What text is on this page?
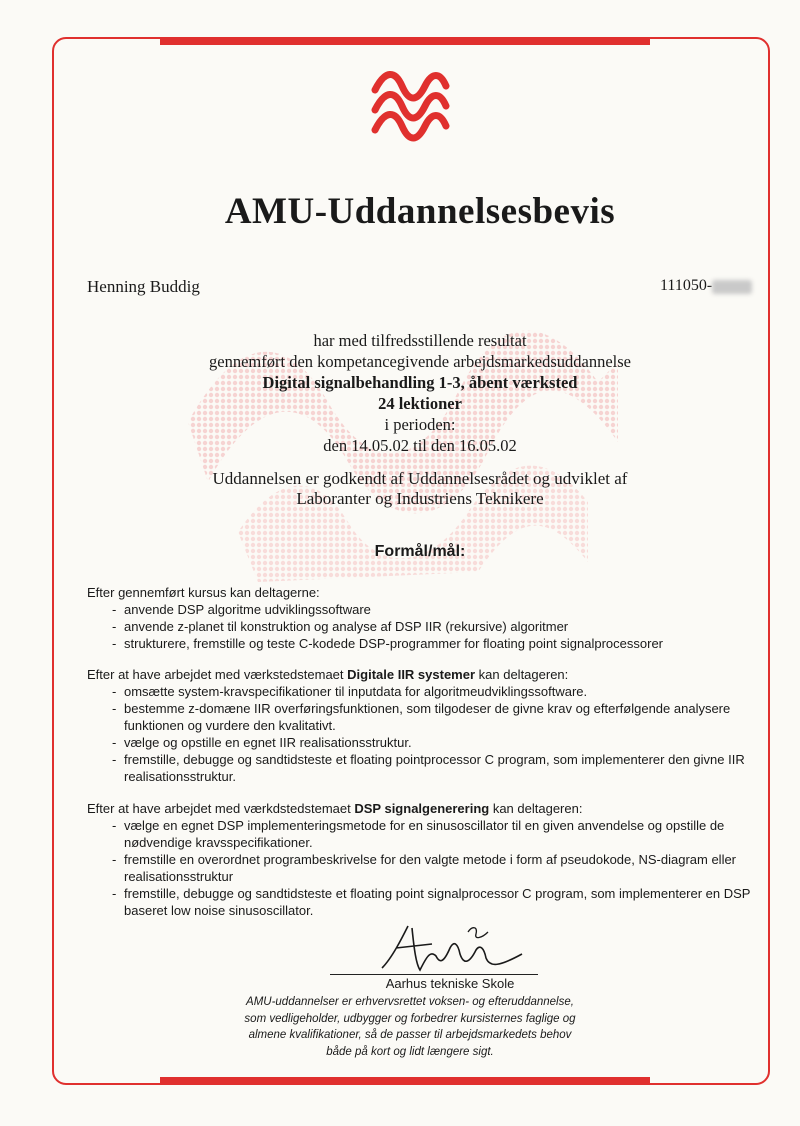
AMU-Uddannelsesbevis
Henning Buddig	111050-
har med tilfredsstillende resultat
gennemført den kompetancegivende arbejdsmarkedsuddannelse
Digital signalbehandling 1-3, åbent værksted
24 lektioner
i perioden:
den 14.05.02 til den 16.05.02
Uddannelsen er godkendt af Uddannelsesrådet og udviklet af
Laboranter og Industriens Teknikere
Formål/mål:
Efter gennemført kursus kan deltagerne:
- anvende DSP algoritme udviklingssoftware
- anvende z-planet til konstruktion og analyse af DSP IIR (rekursive) algoritmer
- strukturere, fremstille og teste C-kodede DSP-programmer for floating point signalprocessorer
Efter at have arbejdet med værkstedstemaet Digitale IIR systemer kan deltageren:
- omsætte system-kravspecifikationer til inputdata for algoritmeudviklingssoftware.
- bestemme z-domæne IIR overføringsfunktionen, som tilgodeser de givne krav og efterfølgende analysere funktionen og vurdere den kvalitativt.
- vælge og opstille en egnet IIR realisationsstruktur.
- fremstille, debugge og sandtidsteste et floating pointprocessor C program, som implementerer den givne IIR realisationsstruktur.
Efter at have arbejdet med værkdstedstemaet DSP signalgenerering kan deltageren:
- vælge en egnet DSP implementeringsmetode for en sinusoscillator til en given anvendelse og opstille de nødvendige kravsspecifikationer.
- fremstille en overordnet programbeskrivelse for den valgte metode i form af pseudokode, NS-diagram eller realisationsstruktur
- fremstille, debugge og sandtidsteste et floating point signalprocessor C program, som implementerer en DSP baseret low noise sinusoscillator.
Aarhus tekniske Skole
AMU-uddannelser er erhvervsrettet voksen- og efteruddannelse,
som vedligeholder, udbygger og forbedrer kursisternes faglige og
almene kvalifikationer, så de passer til arbejdsmarkedets behov
både på kort og lidt længere sigt.
